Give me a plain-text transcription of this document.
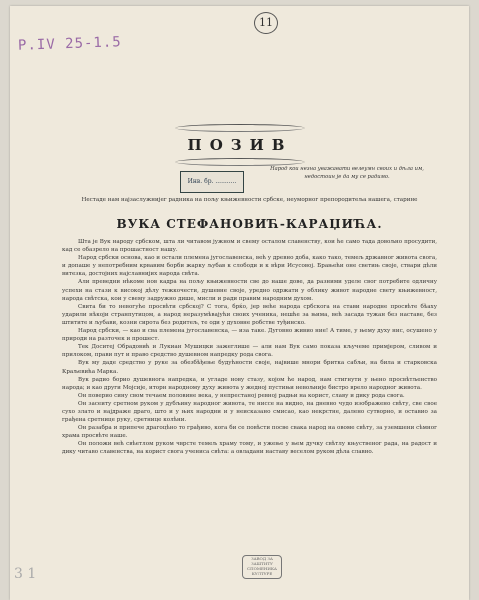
P.IV 25-1.5
11
ПОЗИВ
Инв. бр. ...........
Народ кои незна уважавати велеумн своих и дѣла им, недостоин је да му се радимо.
Нестаде нам најзаслужнијег радника на пољу књижевности србске, неуморног препородитеља нашега, старине
ВУКА СТЕФАНОВИЋ-КАРАЏИЋА.

Шта је Вук народу србском, шта ли читавом јужном и свему осталом славенству, кои ће само тада довољно просудити, кад се обазрело на прошастност нашу.

Народ србски основа, као и остали племена југославенска, већ у древно доба, како тако, темељ државног живота свога, и допаше у непотребним крвавим борби жарку љубав к слободи и к вѣри Исусовој. Брањећи оне светињ своје, ствари дѣли витезка, достојних најславнијих народа свѣта.

Али преведни нѣкоме нов кадра на пољу књижевности све до наше дове, да разними уделе свог потребите одличну успехи на стази к високој дѣлу тежкочести, душевне своје, уредно одржати у облику живот народне свету књижевност, народа свѣтска, кои у свему задружно дише, мисли и ради правим народним духом.

Свита би то невогуће просвѣти србској? С тога, брќо, јер веће народа србскога на стави народне просвѣте бѣаху ударили нѣкоји странпутицом, а народ неразумѣвајући своих ученика, нешће за њима, већ засада тужан без наставе, без штитите и љубави, козни сирота без родитељ, те оди у духовне робстве туђинско.

Народ србски, — као и сва племена југославенска, — иза таке. Дуговно живио ние! А тиме, у њему духу нис, осушено у природи на разточек и прошест.

Тек Доситеј Обрадовић и Лукиан Мушицки зажеглише — али нам Вук само показа кључеме примјером, сливом и прилоком, прави пут и право средство душевном напредку рода свога.

Вук му даде средство у руке за обезбѣђење будућности своје, највише мнори бритка сабљи, на била и старковска Краљевића Марка.

Вук радио борио душевнога напредка, и угладе нову стазу, којом ће народ, нам стигнути у њено просвѣтљенство народа; и као други Мојсије, иторн народному духу живота у жедној пустињи невољније бистро врело народног живота.

Он поверио сину свом течаем половине века, у непрестаној ревној радњи на корист, славу и дику рода свога.

Он засеиту сретном руком у дубљину народног живота, те ниссе на видно, на дневно чудо изображено свѣту, све свое сухо злато и најдраже драго, што и у њих народни и у неисказано смисао, као некрстне, далено сутворно, и оставио за грађена сретнице руку, сретнице колѣни.

Он разабра и припече драгоцѣно то грађиво, кога би се повѣсти посве свака народ на овоме свѣту, за уземшени сѣмног храма просвѣте наше.

Он положи већ свѣетлом руком чврсте темељ храму тому, и ужење у њем дучку свѣтлу књуственог рада, на радост и дику читаво славенства, на корист свога учениса свѣта: а овладани наставу веселом руком дѣла славно.

ЗАВОД ЗА ЗАШТИТУ СПОМЕНИКА КУЛТУРЕ
3 1
